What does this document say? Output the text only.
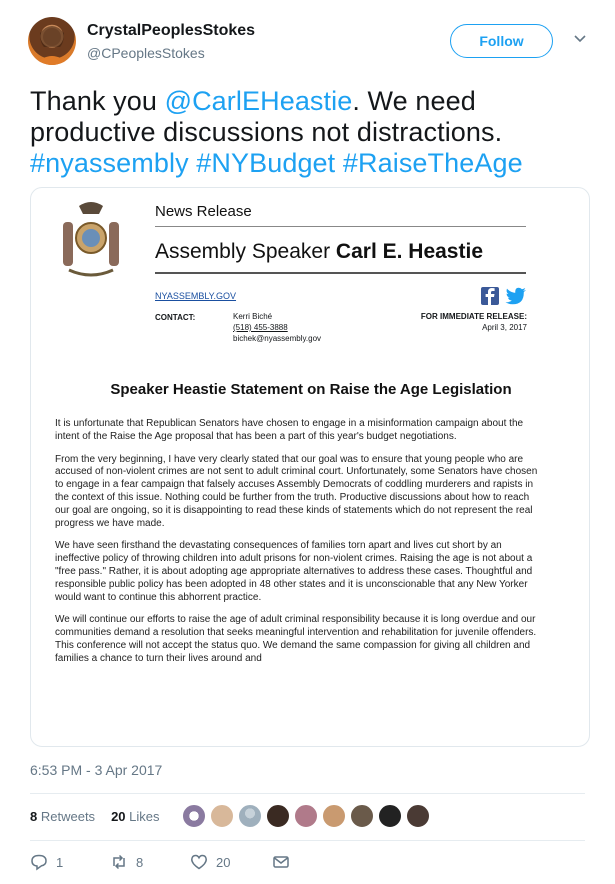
CrystalPeoplesStokes
@CPeoplesStokes
Follow
Thank you @CarlEHeastie. We need productive discussions not distractions. #nyassembly #NYBudget #RaiseTheAge
News Release
Assembly Speaker Carl E. Heastie
NYASSEMBLY.GOV
CONTACT:	Kerri Biché
(518) 455-3888
bichek@nyassembly.gov
FOR IMMEDIATE RELEASE:
April 3, 2017
Speaker Heastie Statement on Raise the Age Legislation

It is unfortunate that Republican Senators have chosen to engage in a misinformation campaign about the intent of the Raise the Age proposal that has been a part of this year's budget negotiations.

From the very beginning, I have very clearly stated that our goal was to ensure that young people who are accused of non-violent crimes are not sent to adult criminal court. Unfortunately, some Senators have chosen to engage in a fear campaign that falsely accuses Assembly Democrats of coddling murderers and rapists in the context of this issue. Nothing could be further from the truth. Productive discussions about how to reach our goal are ongoing, so it is disappointing to read these kinds of statements which do not represent the real progress we have made.

We have seen firsthand the devastating consequences of families torn apart and lives cut short by an ineffective policy of throwing children into adult prisons for non-violent crimes. Raising the age is not about a "free pass." Rather, it is about adopting age appropriate alternatives to address these cases. Thoughtful and responsible public policy has been adopted in 48 other states and it is unconscionable that any New Yorker would want to continue this abhorrent practice.

We will continue our efforts to raise the age of adult criminal responsibility because it is long overdue and our communities demand a resolution that seeks meaningful intervention and rehabilitation for juvenile offenders. This conference will not accept the status quo. We demand the same compassion for giving all children and families a chance to turn their lives around and

6:53 PM - 3 Apr 2017
8 Retweets 20 Likes
1	8	20
